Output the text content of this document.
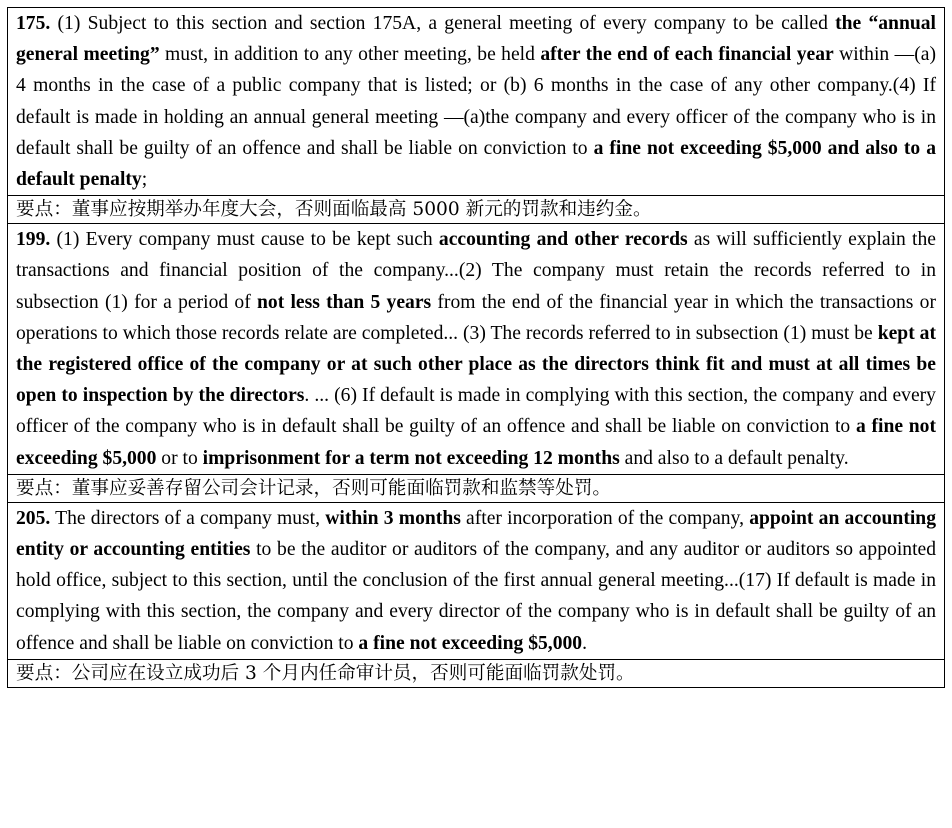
175. (1) Subject to this section and section 175A, a general meeting of every company to be called the “annual general meeting” must, in addition to any other meeting, be held after the end of each financial year within —(a) 4 months in the case of a public company that is listed; or (b) 6 months in the case of any other company.(4) If default is made in holding an annual general meeting —(a)the company and every officer of the company who is in default shall be guilty of an offence and shall be liable on conviction to a fine not exceeding $5,000 and also to a default penalty;
要点：董事应按期举办年度大会，否则面临最高 5000 新元的罚款和违约金。
199. (1) Every company must cause to be kept such accounting and other records as will sufficiently explain the transactions and financial position of the company...(2) The company must retain the records referred to in subsection (1) for a period of not less than 5 years from the end of the financial year in which the transactions or operations to which those records relate are completed... (3) The records referred to in subsection (1) must be kept at the registered office of the company or at such other place as the directors think fit and must at all times be open to inspection by the directors. ... (6) If default is made in complying with this section, the company and every officer of the company who is in default shall be guilty of an offence and shall be liable on conviction to a fine not exceeding $5,000 or to imprisonment for a term not exceeding 12 months and also to a default penalty.
要点：董事应妥善存留公司会计记录，否则可能面临罚款和监禁等处罚。
205. The directors of a company must, within 3 months after incorporation of the company, appoint an accounting entity or accounting entities to be the auditor or auditors of the company, and any auditor or auditors so appointed hold office, subject to this section, until the conclusion of the first annual general meeting...(17) If default is made in complying with this section, the company and every director of the company who is in default shall be guilty of an offence and shall be liable on conviction to a fine not exceeding $5,000.
要点：公司应在设立成功后 3 个月内任命审计员，否则可能面临罚款处罚。
